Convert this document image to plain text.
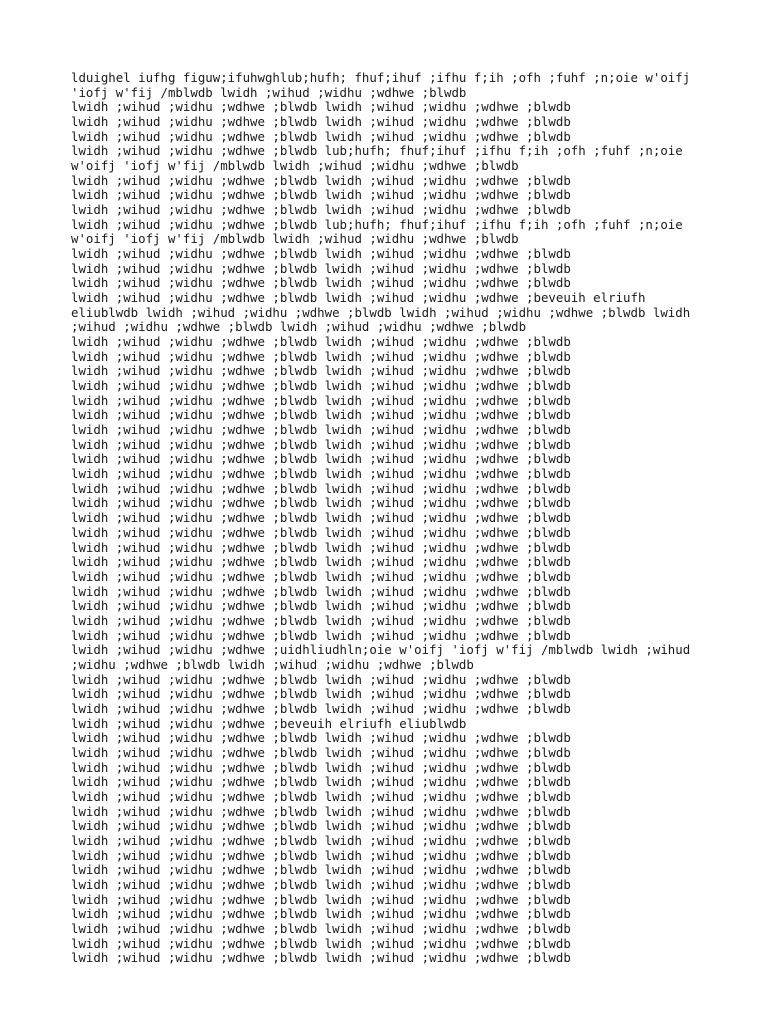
lduighel iufhg figuw;ifuhwghlub;hufh; fhuf;ihuf ;ifhu f;ih ;ofh ;fuhf ;n;oie w'oifj
'iofj w'fij /mblwdb lwidh ;wihud ;widhu ;wdhwe ;blwdb
lwidh ;wihud ;widhu ;wdhwe ;blwdb lwidh ;wihud ;widhu ;wdhwe ;blwdb
lwidh ;wihud ;widhu ;wdhwe ;blwdb lwidh ;wihud ;widhu ;wdhwe ;blwdb
lwidh ;wihud ;widhu ;wdhwe ;blwdb lwidh ;wihud ;widhu ;wdhwe ;blwdb
lwidh ;wihud ;widhu ;wdhwe ;blwdb lub;hufh; fhuf;ihuf ;ifhu f;ih ;ofh ;fuhf ;n;oie
w'oifj 'iofj w'fij /mblwdb lwidh ;wihud ;widhu ;wdhwe ;blwdb
lwidh ;wihud ;widhu ;wdhwe ;blwdb lwidh ;wihud ;widhu ;wdhwe ;blwdb
lwidh ;wihud ;widhu ;wdhwe ;blwdb lwidh ;wihud ;widhu ;wdhwe ;blwdb
lwidh ;wihud ;widhu ;wdhwe ;blwdb lwidh ;wihud ;widhu ;wdhwe ;blwdb
lwidh ;wihud ;widhu ;wdhwe ;blwdb lub;hufh; fhuf;ihuf ;ifhu f;ih ;ofh ;fuhf ;n;oie
w'oifj 'iofj w'fij /mblwdb lwidh ;wihud ;widhu ;wdhwe ;blwdb
lwidh ;wihud ;widhu ;wdhwe ;blwdb lwidh ;wihud ;widhu ;wdhwe ;blwdb
lwidh ;wihud ;widhu ;wdhwe ;blwdb lwidh ;wihud ;widhu ;wdhwe ;blwdb
lwidh ;wihud ;widhu ;wdhwe ;blwdb lwidh ;wihud ;widhu ;wdhwe ;blwdb
lwidh ;wihud ;widhu ;wdhwe ;blwdb lwidh ;wihud ;widhu ;wdhwe ;beveuih elriufh
eliublwdb lwidh ;wihud ;widhu ;wdhwe ;blwdb lwidh ;wihud ;widhu ;wdhwe ;blwdb lwidh
;wihud ;widhu ;wdhwe ;blwdb lwidh ;wihud ;widhu ;wdhwe ;blwdb
lwidh ;wihud ;widhu ;wdhwe ;blwdb lwidh ;wihud ;widhu ;wdhwe ;blwdb
lwidh ;wihud ;widhu ;wdhwe ;blwdb lwidh ;wihud ;widhu ;wdhwe ;blwdb
lwidh ;wihud ;widhu ;wdhwe ;blwdb lwidh ;wihud ;widhu ;wdhwe ;blwdb
lwidh ;wihud ;widhu ;wdhwe ;blwdb lwidh ;wihud ;widhu ;wdhwe ;blwdb
lwidh ;wihud ;widhu ;wdhwe ;blwdb lwidh ;wihud ;widhu ;wdhwe ;blwdb
lwidh ;wihud ;widhu ;wdhwe ;blwdb lwidh ;wihud ;widhu ;wdhwe ;blwdb
lwidh ;wihud ;widhu ;wdhwe ;blwdb lwidh ;wihud ;widhu ;wdhwe ;blwdb
lwidh ;wihud ;widhu ;wdhwe ;blwdb lwidh ;wihud ;widhu ;wdhwe ;blwdb
lwidh ;wihud ;widhu ;wdhwe ;blwdb lwidh ;wihud ;widhu ;wdhwe ;blwdb
lwidh ;wihud ;widhu ;wdhwe ;blwdb lwidh ;wihud ;widhu ;wdhwe ;blwdb
lwidh ;wihud ;widhu ;wdhwe ;blwdb lwidh ;wihud ;widhu ;wdhwe ;blwdb
lwidh ;wihud ;widhu ;wdhwe ;blwdb lwidh ;wihud ;widhu ;wdhwe ;blwdb
lwidh ;wihud ;widhu ;wdhwe ;blwdb lwidh ;wihud ;widhu ;wdhwe ;blwdb
lwidh ;wihud ;widhu ;wdhwe ;blwdb lwidh ;wihud ;widhu ;wdhwe ;blwdb
lwidh ;wihud ;widhu ;wdhwe ;blwdb lwidh ;wihud ;widhu ;wdhwe ;blwdb
lwidh ;wihud ;widhu ;wdhwe ;blwdb lwidh ;wihud ;widhu ;wdhwe ;blwdb
lwidh ;wihud ;widhu ;wdhwe ;blwdb lwidh ;wihud ;widhu ;wdhwe ;blwdb
lwidh ;wihud ;widhu ;wdhwe ;blwdb lwidh ;wihud ;widhu ;wdhwe ;blwdb
lwidh ;wihud ;widhu ;wdhwe ;blwdb lwidh ;wihud ;widhu ;wdhwe ;blwdb
lwidh ;wihud ;widhu ;wdhwe ;blwdb lwidh ;wihud ;widhu ;wdhwe ;blwdb
lwidh ;wihud ;widhu ;wdhwe ;blwdb lwidh ;wihud ;widhu ;wdhwe ;blwdb
lwidh ;wihud ;widhu ;wdhwe ;uidhliudhln;oie w'oifj 'iofj w'fij /mblwdb lwidh ;wihud
;widhu ;wdhwe ;blwdb lwidh ;wihud ;widhu ;wdhwe ;blwdb
lwidh ;wihud ;widhu ;wdhwe ;blwdb lwidh ;wihud ;widhu ;wdhwe ;blwdb
lwidh ;wihud ;widhu ;wdhwe ;blwdb lwidh ;wihud ;widhu ;wdhwe ;blwdb
lwidh ;wihud ;widhu ;wdhwe ;blwdb lwidh ;wihud ;widhu ;wdhwe ;blwdb
lwidh ;wihud ;widhu ;wdhwe ;beveuih elriufh eliublwdb
lwidh ;wihud ;widhu ;wdhwe ;blwdb lwidh ;wihud ;widhu ;wdhwe ;blwdb
lwidh ;wihud ;widhu ;wdhwe ;blwdb lwidh ;wihud ;widhu ;wdhwe ;blwdb
lwidh ;wihud ;widhu ;wdhwe ;blwdb lwidh ;wihud ;widhu ;wdhwe ;blwdb
lwidh ;wihud ;widhu ;wdhwe ;blwdb lwidh ;wihud ;widhu ;wdhwe ;blwdb
lwidh ;wihud ;widhu ;wdhwe ;blwdb lwidh ;wihud ;widhu ;wdhwe ;blwdb
lwidh ;wihud ;widhu ;wdhwe ;blwdb lwidh ;wihud ;widhu ;wdhwe ;blwdb
lwidh ;wihud ;widhu ;wdhwe ;blwdb lwidh ;wihud ;widhu ;wdhwe ;blwdb
lwidh ;wihud ;widhu ;wdhwe ;blwdb lwidh ;wihud ;widhu ;wdhwe ;blwdb
lwidh ;wihud ;widhu ;wdhwe ;blwdb lwidh ;wihud ;widhu ;wdhwe ;blwdb
lwidh ;wihud ;widhu ;wdhwe ;blwdb lwidh ;wihud ;widhu ;wdhwe ;blwdb
lwidh ;wihud ;widhu ;wdhwe ;blwdb lwidh ;wihud ;widhu ;wdhwe ;blwdb
lwidh ;wihud ;widhu ;wdhwe ;blwdb lwidh ;wihud ;widhu ;wdhwe ;blwdb
lwidh ;wihud ;widhu ;wdhwe ;blwdb lwidh ;wihud ;widhu ;wdhwe ;blwdb
lwidh ;wihud ;widhu ;wdhwe ;blwdb lwidh ;wihud ;widhu ;wdhwe ;blwdb
lwidh ;wihud ;widhu ;wdhwe ;blwdb lwidh ;wihud ;widhu ;wdhwe ;blwdb
lwidh ;wihud ;widhu ;wdhwe ;blwdb lwidh ;wihud ;widhu ;wdhwe ;blwdb
